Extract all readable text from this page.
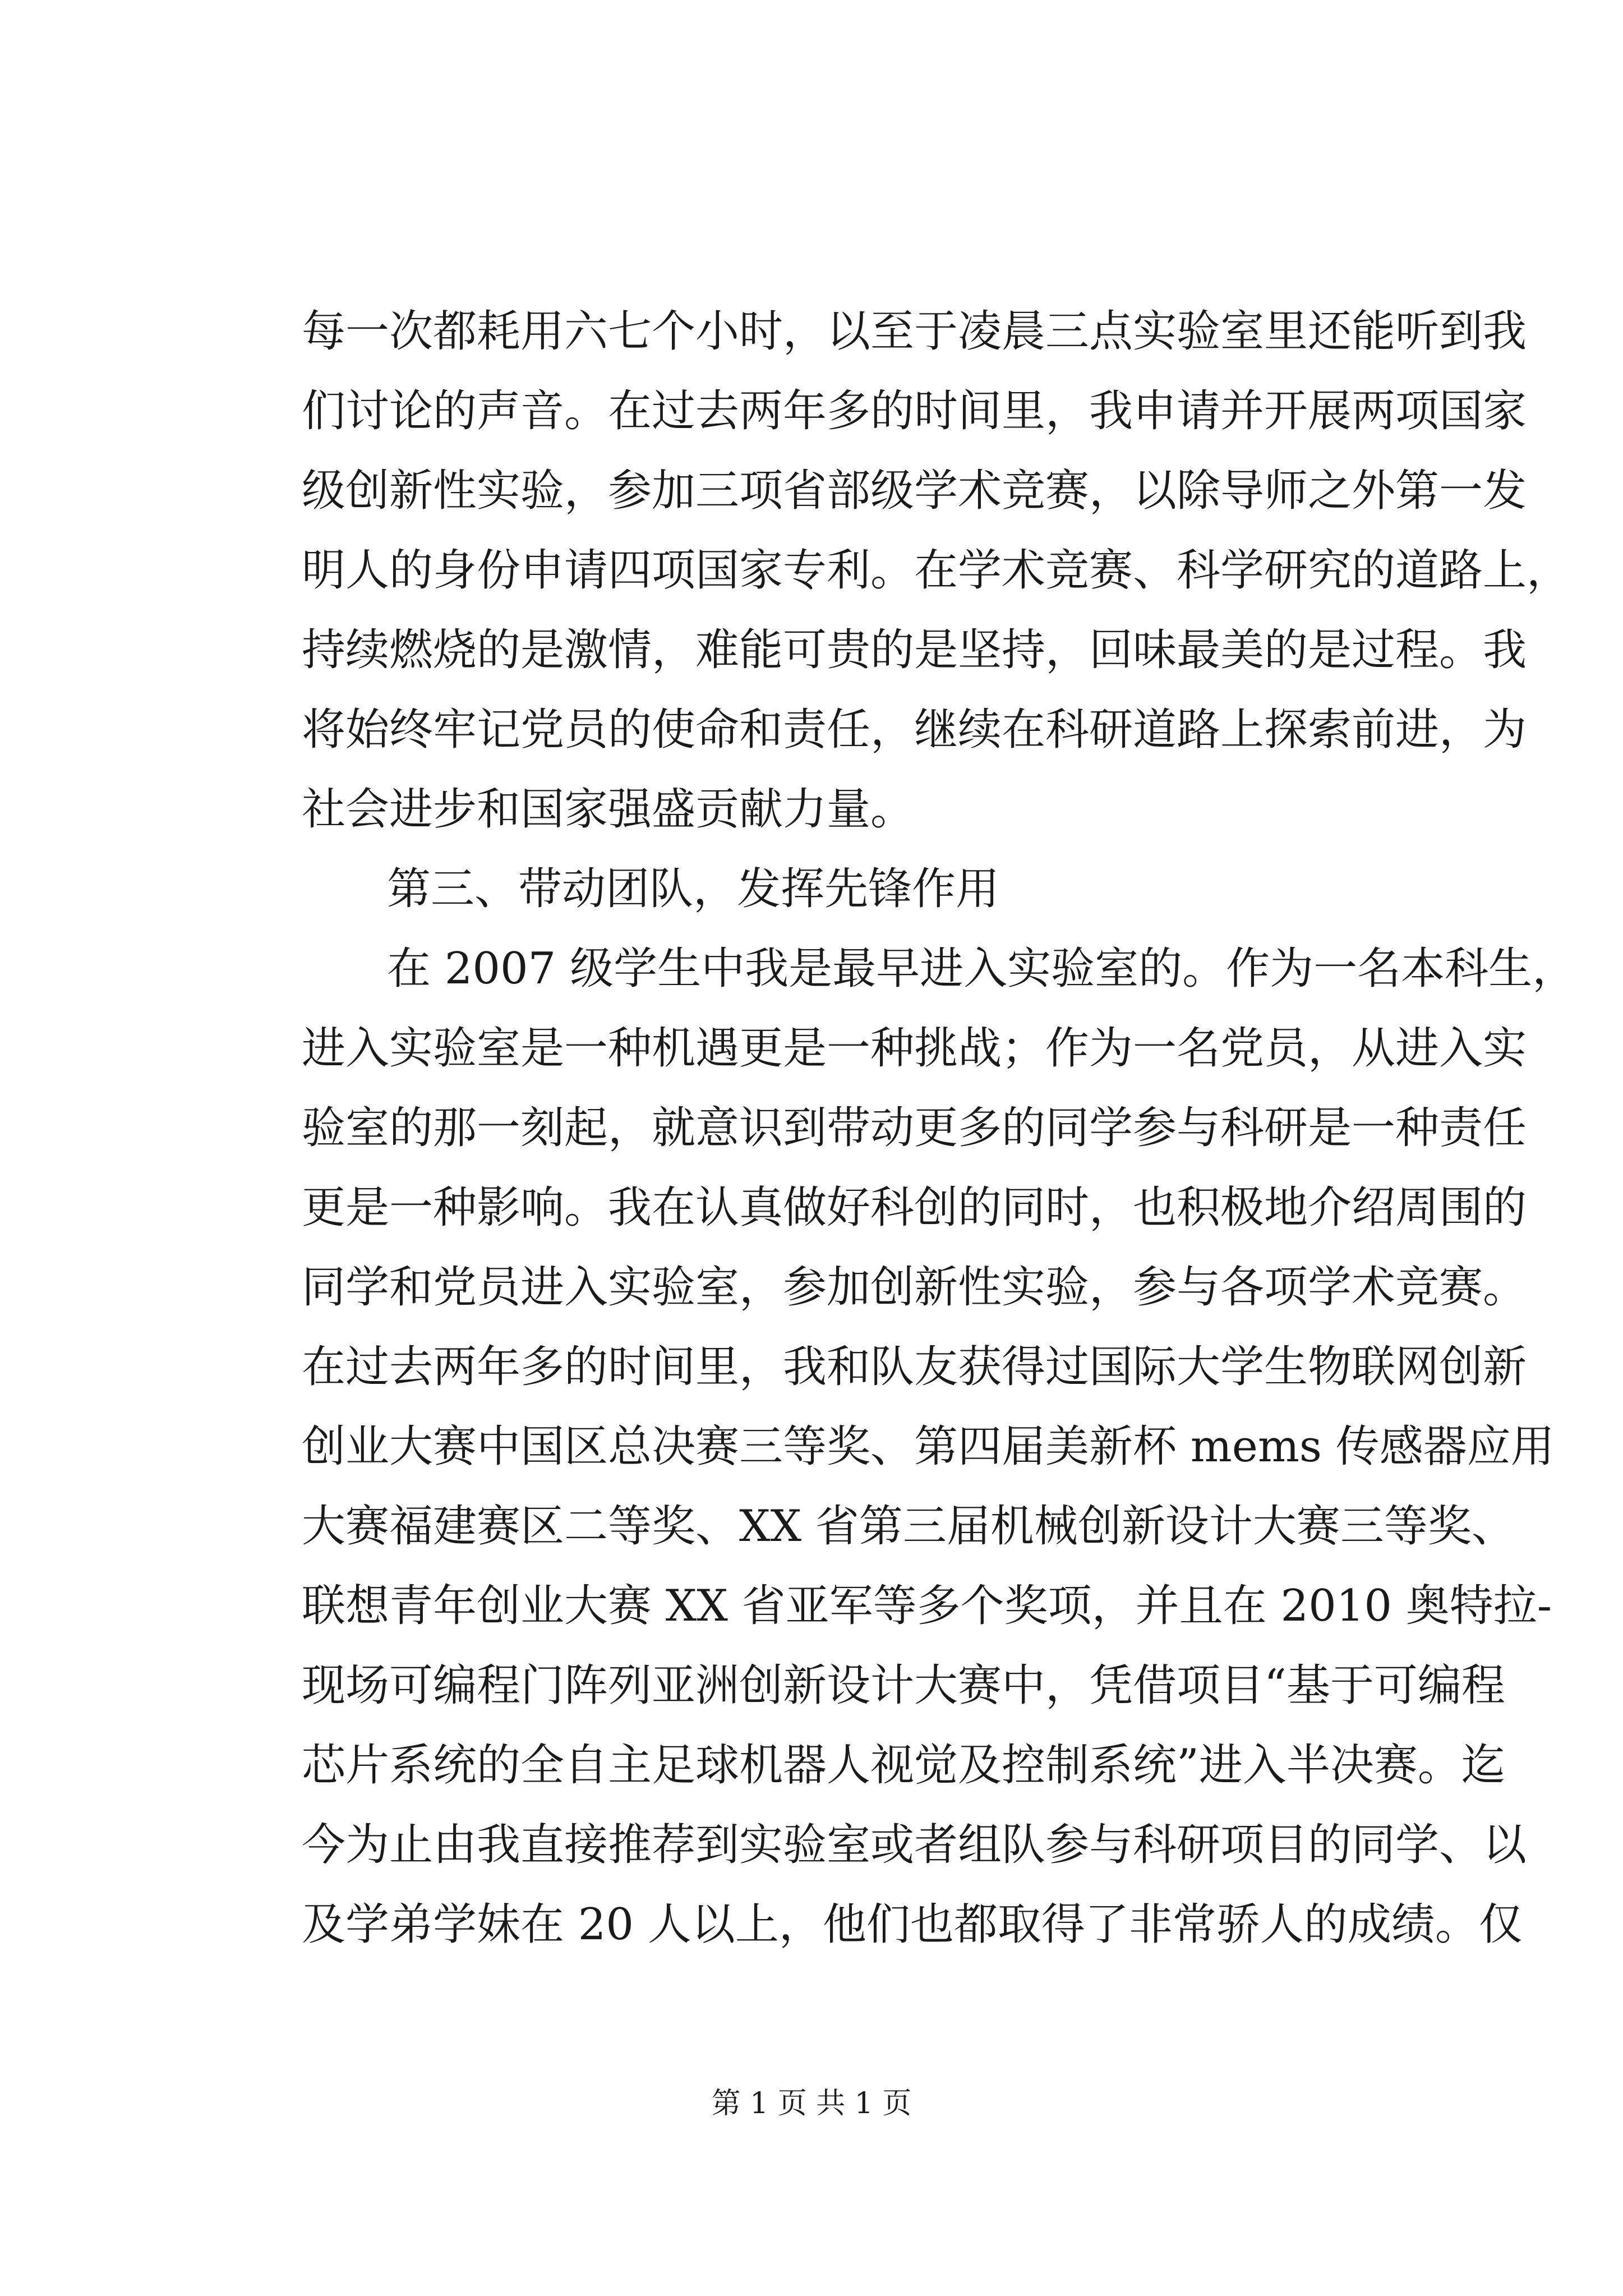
每一次都耗用六七个小时，以至于凌晨三点实验室里还能听到我
们讨论的声音。在过去两年多的时间里，我申请并开展两项国家
级创新性实验，参加三项省部级学术竞赛，以除导师之外第一发
明人的身份申请四项国家专利。在学术竞赛、科学研究的道路上，
持续燃烧的是激情，难能可贵的是坚持，回味最美的是过程。我
将始终牢记党员的使命和责任，继续在科研道路上探索前进，为
社会进步和国家强盛贡献力量。
第三、带动团队，发挥先锋作用
在 2007 级学生中我是最早进入实验室的。作为一名本科生，
进入实验室是一种机遇更是一种挑战；作为一名党员，从进入实
验室的那一刻起，就意识到带动更多的同学参与科研是一种责任
更是一种影响。我在认真做好科创的同时，也积极地介绍周围的
同学和党员进入实验室，参加创新性实验，参与各项学术竞赛。
在过去两年多的时间里，我和队友获得过国际大学生物联网创新
创业大赛中国区总决赛三等奖、第四届美新杯 mems 传感器应用
大赛福建赛区二等奖、XX 省第三届机械创新设计大赛三等奖、
联想青年创业大赛 XX 省亚军等多个奖项，并且在 2010 奥特拉-
现场可编程门阵列亚洲创新设计大赛中，凭借项目“基于可编程
芯片系统的全自主足球机器人视觉及控制系统”进入半决赛。迄
今为止由我直接推荐到实验室或者组队参与科研项目的同学、以
及学弟学妹在 20 人以上，他们也都取得了非常骄人的成绩。仅
第 1 页 共 1 页
